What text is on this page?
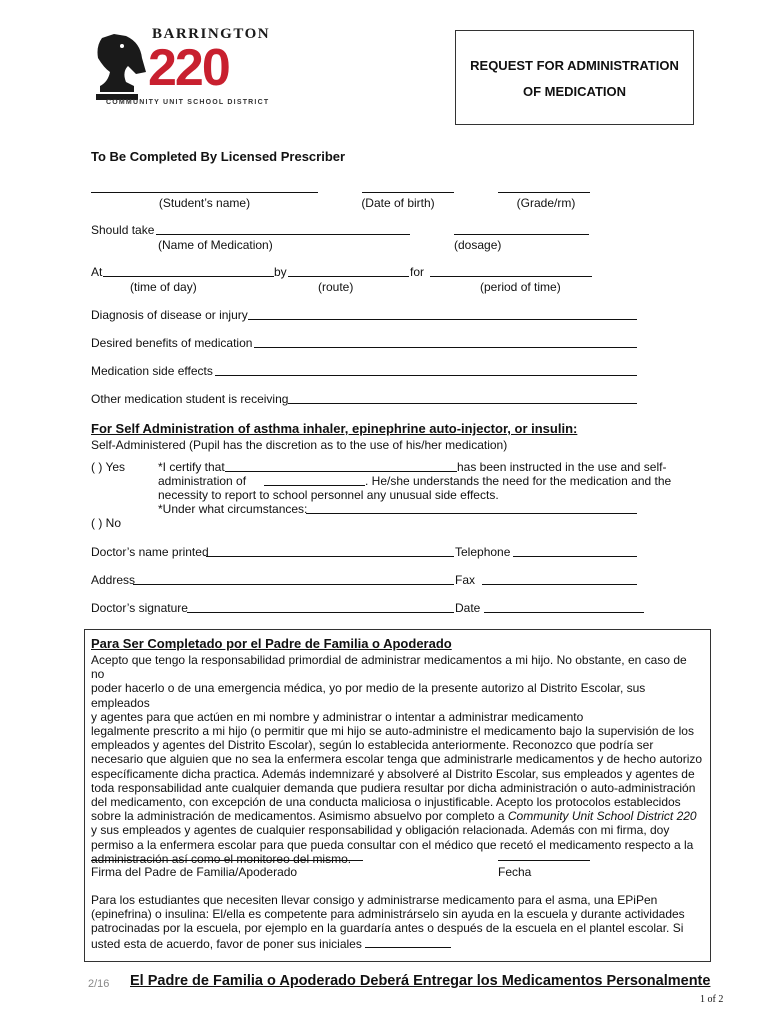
BARRINGTON
220
COMMUNITY UNIT SCHOOL DISTRICT
REQUEST FOR ADMINISTRATION
OF MEDICATION
To Be Completed By Licensed Prescriber
(Student’s name)	(Date of birth)	(Grade/rm)
Should take
(Name of Medication)	(dosage)
At	by	for
(time of day)	(route)	(period of time)
Diagnosis of disease or injury
Desired benefits of medication
Medication side effects
Other medication student is receiving
For Self Administration of asthma inhaler, epinephrine auto-injector, or insulin:
Self-Administered (Pupil has the discretion as to the use of his/her medication)
( ) Yes	*I certify that	has been instructed in the use and self-
administration of	. He/she understands the need for the medication and the
necessity to report to school personnel any unusual side effects.
*Under what circumstances:
( ) No
Doctor’s name printed	Telephone
Address	Fax
Doctor’s signature	Date
Para Ser Completado por el Padre de Familia o Apoderado

Acepto que tengo la responsabilidad primordial de administrar medicamentos a mi hijo. No obstante, en caso de no

poder hacerlo o de una emergencia médica, yo por medio de la presente autorizo al Distrito Escolar, sus empleados

y agentes para que actúen en mi nombre y administrar o intentar a administrar medicamento

legalmente prescrito a mi hijo (o permitir que mi hijo se auto-administre el medicamento bajo la supervisión de los

empleados y agentes del Distrito Escolar), según lo establecida anteriormente. Reconozco que podría ser

necesario que alguien que no sea la enfermera escolar tenga que administrarle medicamentos y de hecho autorizo

específicamente dicha practica. Además indemnizaré y absolveré al Distrito Escolar, sus empleados y agentes de

toda responsabilidad ante cualquier demanda que pudiera resultar por dicha administración o auto-administración

del medicamento, con excepción de una conducta maliciosa o injustificable. Acepto los protocolos establecidos

sobre la administración de medicamentos. Asimismo absuelvo por completo a Community Unit School District 220

y sus empleados y agentes de cualquier responsabilidad y obligación relacionada. Además con mi firma, doy

permiso a la enfermera escolar para que pueda consultar con el médico que recetó el medicamento respecto a la

administración así como el monitoreo del mismo.

Firma del Padre de Familia/Apoderado	Fecha

Para los estudiantes que necesiten llevar consigo y administrarse medicamento para el asma, una EPiPen

(epinefrina) o insulina: El/ella es competente para administrárselo sin ayuda en la escuela y durante actividades

patrocinadas por la escuela, por ejemplo en la guardaría antes o después de la escuela en el plantel escolar. Si

usted esta de acuerdo, favor de poner sus iniciales

2/16 El Padre de Familia o Apoderado Deberá Entregar los Medicamentos Personalmente
1 of 2
